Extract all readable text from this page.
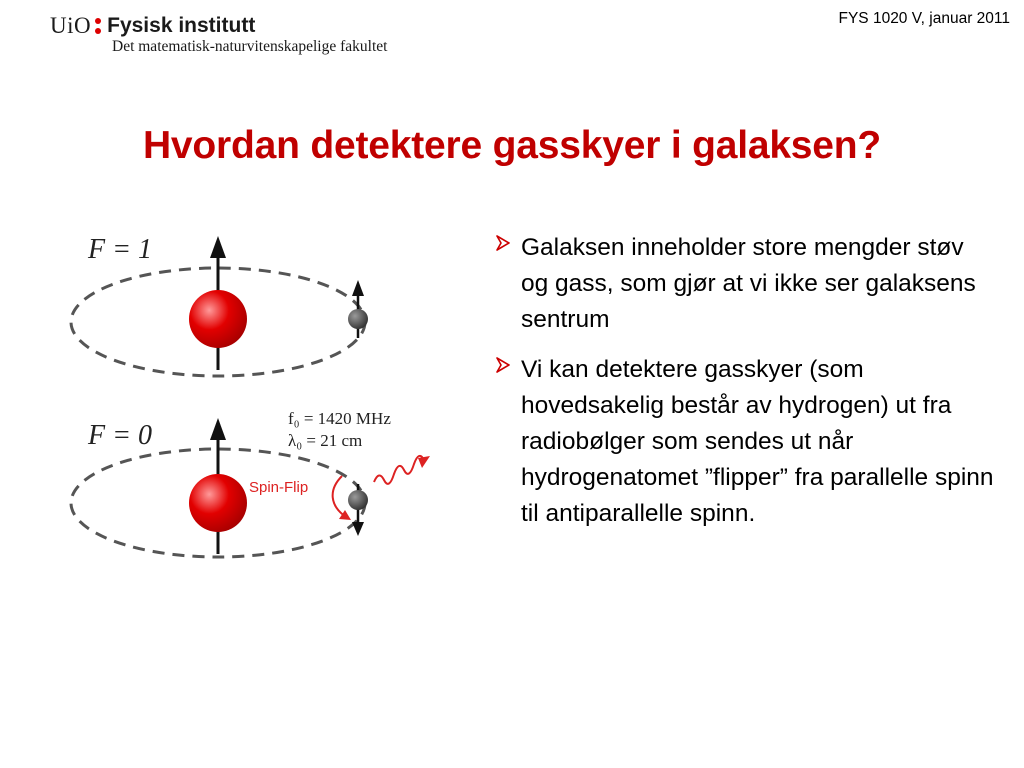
UiO Fysisk institutt
Det matematisk-naturvitenskapelige fakultet
FYS 1020 V, januar 2011
Hvordan detektere gasskyer i galaksen?
F = 1
F = 0
f₀ = 1420 MHz
λ₀ = 21 cm
Spin-Flip
Galaksen inneholder store mengder støv og gass, som gjør at vi ikke ser galaksens sentrum
Vi kan detektere gasskyer (som hovedsakelig består av hydrogen) ut fra radiobølger som sendes ut når hydrogenatomet ”flipper” fra parallelle spinn til antiparallelle spinn.
